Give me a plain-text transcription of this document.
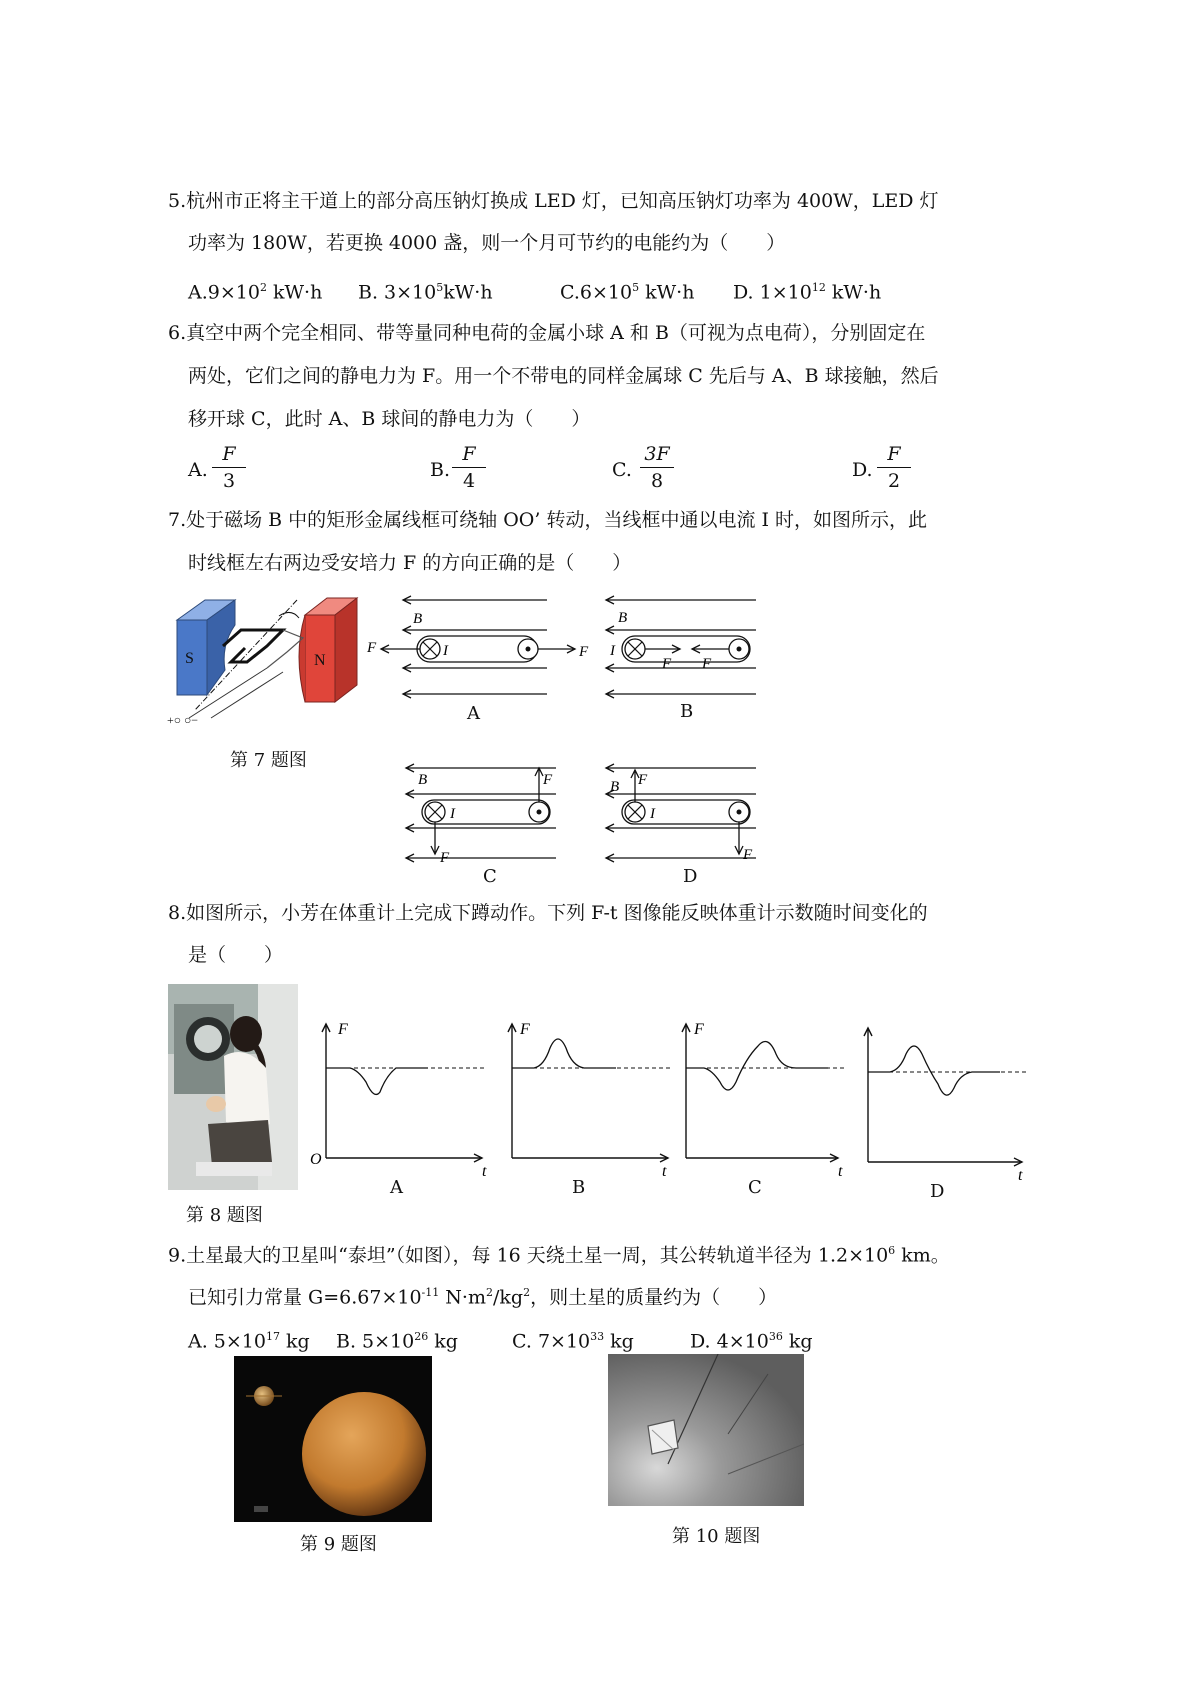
5.杭州市正将主干道上的部分高压钠灯换成 LED 灯，已知高压钠灯功率为 400W，LED 灯
功率为 180W，若更换 4000 盏，则一个月可节约的电能约为（　　）
$A.9\times 10^2$ kW·h B. $3\times 10^5kW\cdot h$	$C.6\times 10^5$ kW·h D. $1\times 10^{12}$ kW·h
6.真空中两个完全相同、带等量同种电荷的金属小球 A 和 B（可视为点电荷），分别固定在
两处，它们之间的静电力为 F。用一个不带电的同样金属球 C 先后与 A、B 球接触，然后
移开球 C，此时 A、B 球间的静电力为（　　）
A.
F
3	B.
F
4	C.
3F
8	D.
F
2
7.处于磁场 B 中的矩形金属线框可绕轴 OO’ 转动，当线框中通以电流 I 时，如图所示，此
时线框左右两边受安培力 F 的方向正确的是（　　）
S	N
+○ ○−
第 7 题图
B
I
F	F
A
B
I
F F
B
B
I
F
F
C
B
I
F
F
D
8.如图所示，小芳在体重计上完成下蹲动作。下列 F-t 图像能反映体重计示数随时间变化的
是（　　）
第 8 题图
F
O
t
A
F
t
B
F
t
C
t
D
9.土星最大的卫星叫“泰坦”（如图），每 16 天绕土星一周，其公转轨道半径为 $1.2\times 10^6$ km。
已知引力常量 $G=6.67\times 10^{-11}$ $N\cdot m^2/kg^2$，则土星的质量约为（　　）
A. $5\times 10^{17}$ kg B. $5\times 10^{26}$ kg	C. $7\times 10^{33}$ kg	D. $4\times 10^{36}$ kg
第 9 题图	第 10 题图
